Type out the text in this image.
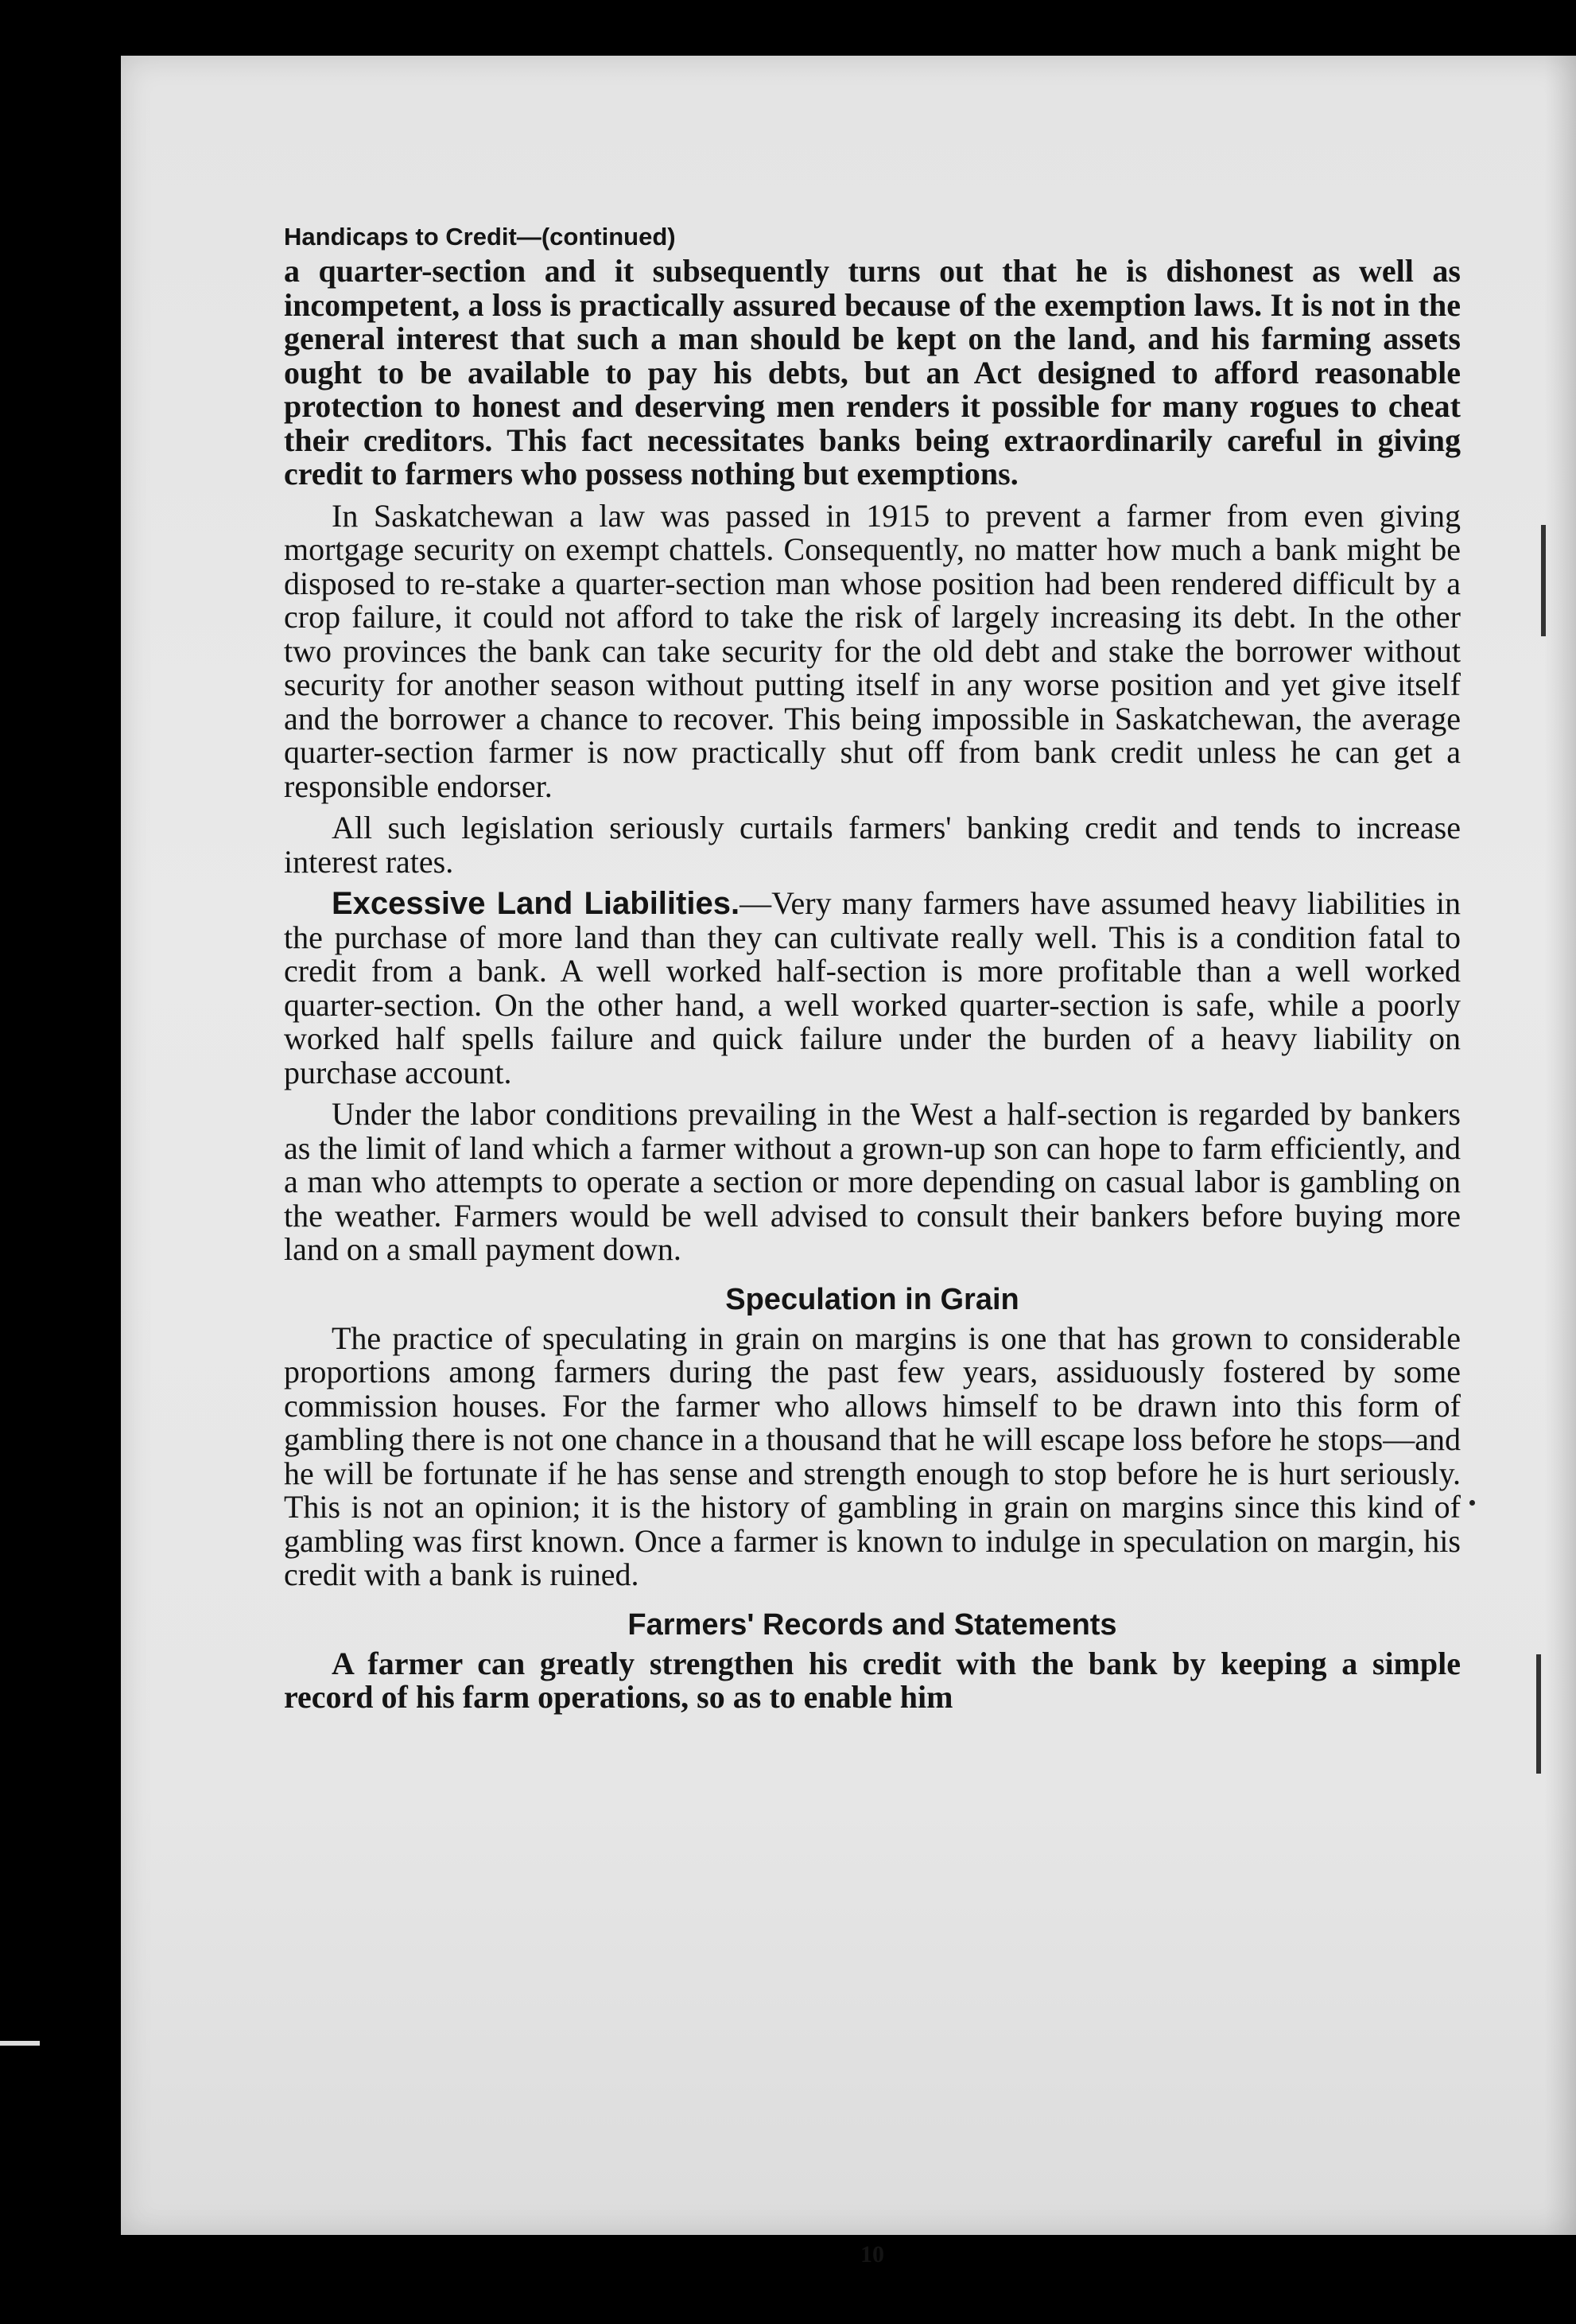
Handicaps to Credit—(continued)

a quarter-section and it subsequently turns out that he is dishonest as well as incompetent, a loss is practically assured because of the exemption laws. It is not in the general interest that such a man should be kept on the land, and his farming assets ought to be available to pay his debts, but an Act designed to afford reasonable protection to honest and deserving men renders it possible for many rogues to cheat their creditors. This fact necessitates banks being extraordinarily careful in giving credit to farmers who possess nothing but exemptions.

In Saskatchewan a law was passed in 1915 to prevent a farmer from even giving mortgage security on exempt chattels. Consequently, no matter how much a bank might be disposed to re-stake a quarter-section man whose position had been rendered difficult by a crop failure, it could not afford to take the risk of largely increasing its debt. In the other two provinces the bank can take security for the old debt and stake the borrower without security for another season without putting itself in any worse position and yet give itself and the borrower a chance to recover. This being impossible in Saskatchewan, the average quarter-section farmer is now practically shut off from bank credit unless he can get a responsible endorser.

All such legislation seriously curtails farmers' banking credit and tends to increase interest rates.

Excessive Land Liabilities.—Very many farmers have assumed heavy liabilities in the purchase of more land than they can cultivate really well. This is a condition fatal to credit from a bank. A well worked half-section is more profitable than a well worked quarter-section. On the other hand, a well worked quarter-section is safe, while a poorly worked half spells failure and quick failure under the burden of a heavy liability on purchase account.

Under the labor conditions prevailing in the West a half-section is regarded by bankers as the limit of land which a farmer without a grown-up son can hope to farm efficiently, and a man who attempts to operate a section or more depending on casual labor is gambling on the weather. Farmers would be well advised to consult their bankers before buying more land on a small payment down.

Speculation in Grain

The practice of speculating in grain on margins is one that has grown to considerable proportions among farmers during the past few years, assiduously fostered by some commission houses. For the farmer who allows himself to be drawn into this form of gambling there is not one chance in a thousand that he will escape loss before he stops—and he will be fortunate if he has sense and strength enough to stop before he is hurt seriously. This is not an opinion; it is the history of gambling in grain on margins since this kind of gambling was first known. Once a farmer is known to indulge in speculation on margin, his credit with a bank is ruined.

Farmers' Records and Statements

A farmer can greatly strengthen his credit with the bank by keeping a simple record of his farm operations, so as to enable him

10
